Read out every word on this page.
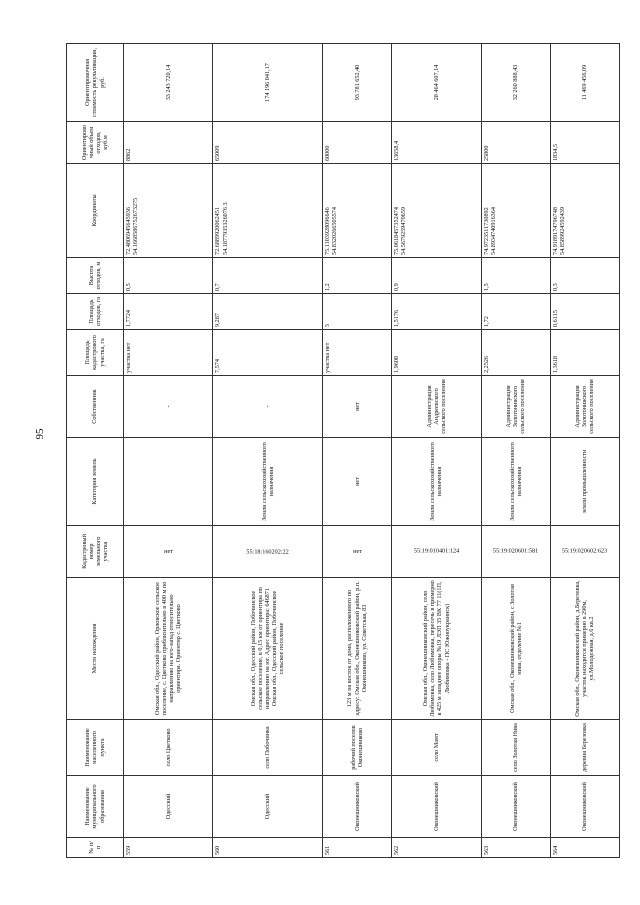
95
№ п/п	Наименование муниципального образования	Наименование населенного пункта	Место нахождения	Кадастровый номер земельного участка	Категория земель	Собственник	Площадь кадастрового участка, га	Площадь отходов, га	Высота отходов, м	Координаты	Ориентировочный объем отходов, куб.м	Ориентировочная стоимость рекультивации, руб.
559	Одесский	село Цветково	Омская обл., Одесский район, Орловское сельское поселение, с. Цветково приблизительно в 400 м по направлению на юго-запад относительно ориентира. Ориентир с. Цветково	нет		-	участка нет	1,7724	0,5	72.4806945645936 54.1668586752673275	8862	33 243 720,14
560	Одесский	село Побочинка	Омская обл., Одесский район, Побочинское сельское поселение, в 0,15 км от ориентира по направлению на юг. Адрес ориентира: 646871 Омская обл., Одесский район, Побочинское сельское поселение	55:18:160202:22	Земли сельскохозяйственного назначения	-	7,574	9,287	0,7	72.6889920062451 54.1877935326076 3	65009	174 196 041,17
561	Оконешниковский	рабочий поселок Оконешниково	123 м на восток от дома, расположенного по адресу: Омская обл., Оконешниковский район, р.п. Оконешниково, ул. Советская, 83	нет	нет	нет	участка нет	5	1,2	75.1103928096646 54.8320266505574	60000	93 781 652,40
562	Оконешниковский	село Мамт	Омская обл., Оконешниковский район, село Любимовка, село Любимовка, пересечь в примерно в 425 м западнее опоры №19 ЛЭП 35 ВК 77 11(1П, Любимовка - ПС Южноукраинск)	55:19:010401:124	Земли сельскохозяйственного назначения	Администрация Андреевского сельского поселения	1,9608	1,5176	0,9	75.0618457352474 54.5679259470659	13658,4	28 464 607,14
563	Оконешниковский	село Золотая Нива	Омская обл., Оконешниковский район, с Золотая нива, отделение №1	55:19:020601:581	Земли сельскохозяйственного назначения	Администрация Золотонивского сельского поселения	2,2526	1,72	1,5	74.9723511730892 54.8934740916364	25800	32 260 888,43
564	Оконешниковский	деревня Березовка	Омская обл., Оконешниковский район, д.Березовка, участок находится примерно в 290м, ул.Молодежная, д.6 кв.2	55:19:020602:623	земли промышленности	Администрация Золотонивского сельского поселения	1,3618	0,6115	0,3	74.9189174796748 54.8589924592439	1834,5	11 469 456,09
